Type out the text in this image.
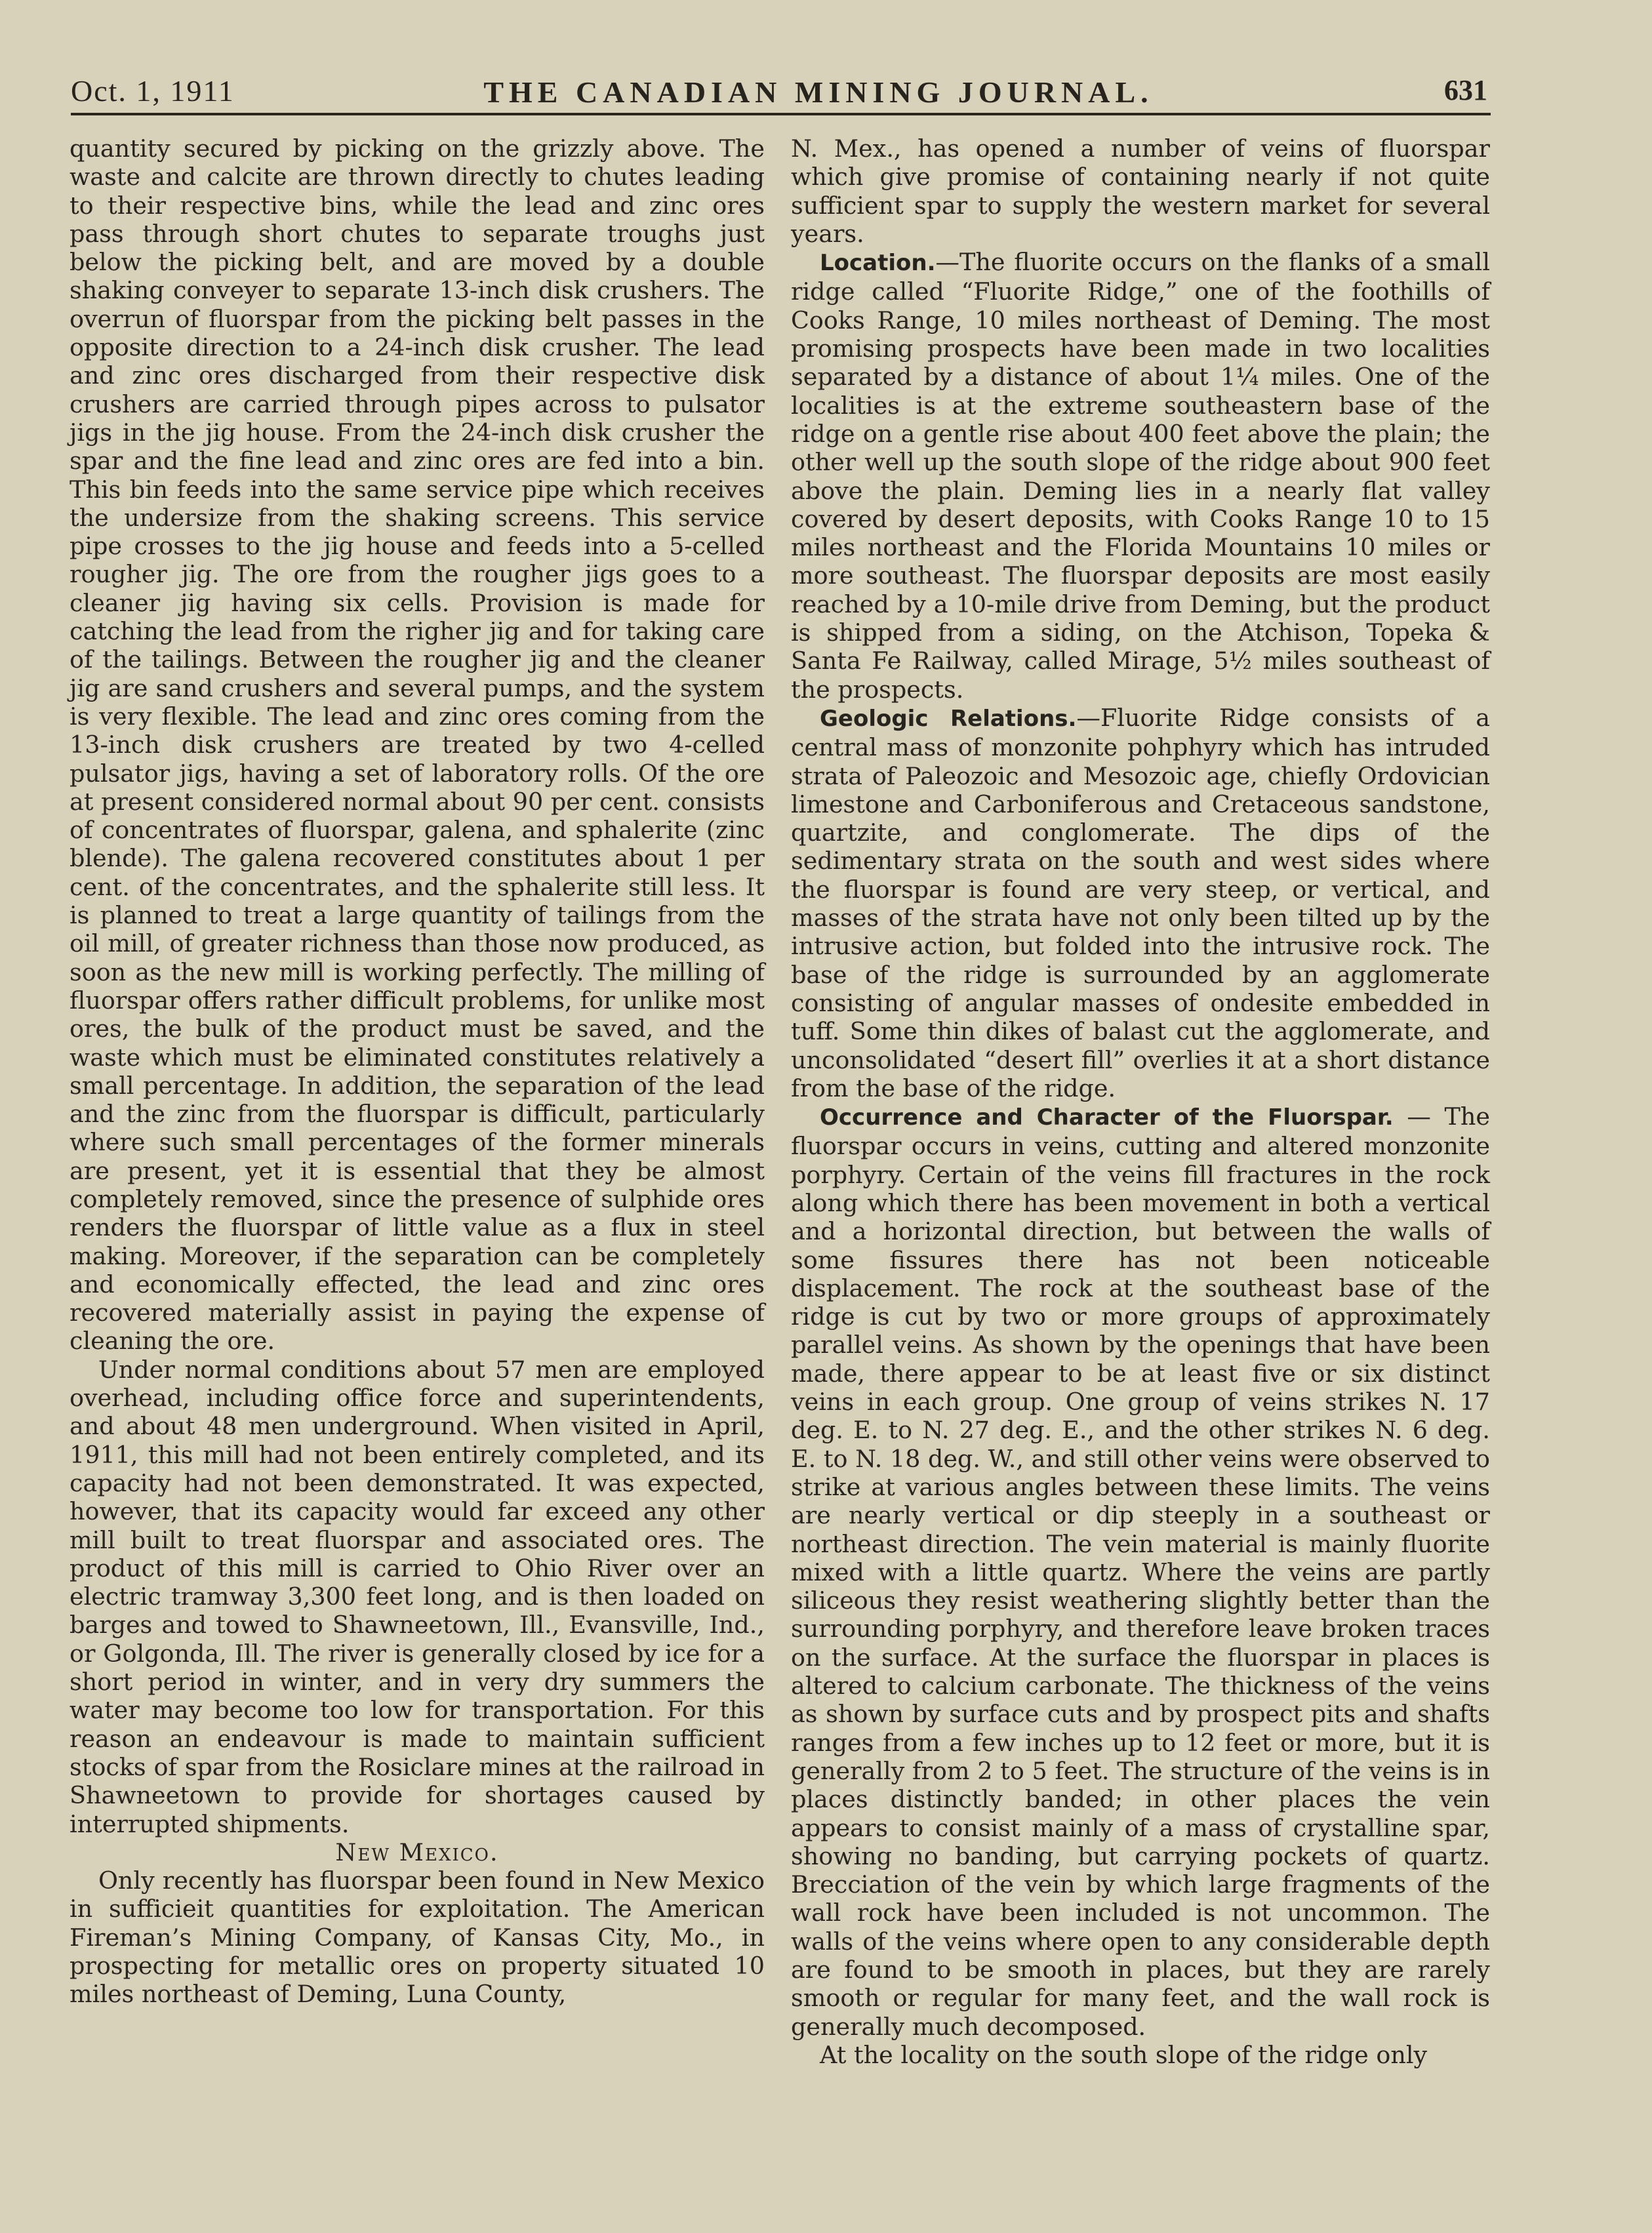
Oct. 1, 1911	THE CANADIAN MINING JOURNAL.	631

quantity secured by picking on the grizzly above. The waste and calcite are thrown directly to chutes leading to their respective bins, while the lead and zinc ores pass through short chutes to separate troughs just below the picking belt, and are moved by a double shaking conveyer to separate 13-inch disk crushers. The overrun of fluorspar from the picking belt passes in the opposite direction to a 24-inch disk crusher. The lead and zinc ores discharged from their respective disk crushers are carried through pipes across to pulsator jigs in the jig house. From the 24-inch disk crusher the spar and the fine lead and zinc ores are fed into a bin. This bin feeds into the same service pipe which receives the undersize from the shaking screens. This service pipe crosses to the jig house and feeds into a 5-celled rougher jig. The ore from the rougher jigs goes to a cleaner jig having six cells. Provision is made for catching the lead from the righer jig and for taking care of the tailings. Between the rougher jig and the cleaner jig are sand crushers and several pumps, and the system is very flexible. The lead and zinc ores coming from the 13-inch disk crushers are treated by two 4-celled pulsator jigs, having a set of laboratory rolls. Of the ore at present considered normal about 90 per cent. consists of concentrates of fluorspar, galena, and sphalerite (zinc blende). The galena recovered constitutes about 1 per cent. of the concentrates, and the sphalerite still less. It is planned to treat a large quantity of tailings from the oil mill, of greater richness than those now produced, as soon as the new mill is working perfectly. The milling of fluorspar offers rather difficult problems, for unlike most ores, the bulk of the product must be saved, and the waste which must be eliminated constitutes relatively a small percentage. In addition, the separation of the lead and the zinc from the fluorspar is difficult, particularly where such small percentages of the former minerals are present, yet it is essential that they be almost completely removed, since the presence of sulphide ores renders the fluorspar of little value as a flux in steel making. Moreover, if the separation can be completely and economically effected, the lead and zinc ores recovered materially assist in paying the expense of cleaning the ore.

Under normal conditions about 57 men are employed overhead, including office force and superintendents, and about 48 men underground. When visited in April, 1911, this mill had not been entirely completed, and its capacity had not been demonstrated. It was expected, however, that its capacity would far exceed any other mill built to treat fluorspar and associated ores. The product of this mill is carried to Ohio River over an electric tramway 3,300 feet long, and is then loaded on barges and towed to Shawneetown, Ill., Evansville, Ind., or Golgonda, Ill. The river is generally closed by ice for a short period in winter, and in very dry summers the water may become too low for transportation. For this reason an endeavour is made to maintain sufficient stocks of spar from the Rosiclare mines at the railroad in Shawneetown to provide for shortages caused by interrupted shipments.

New Mexico.

Only recently has fluorspar been found in New Mexico in sufficieit quantities for exploitation. The American Fireman’s Mining Company, of Kansas City, Mo., in prospecting for metallic ores on property situated 10 miles northeast of Deming, Luna County,

N. Mex., has opened a number of veins of fluorspar which give promise of containing nearly if not quite sufficient spar to supply the western market for several years.

Location.—The fluorite occurs on the flanks of a small ridge called “Fluorite Ridge,” one of the foothills of Cooks Range, 10 miles northeast of Deming. The most promising prospects have been made in two localities separated by a distance of about 1¼ miles. One of the localities is at the extreme southeastern base of the ridge on a gentle rise about 400 feet above the plain; the other well up the south slope of the ridge about 900 feet above the plain. Deming lies in a nearly flat valley covered by desert deposits, with Cooks Range 10 to 15 miles northeast and the Florida Mountains 10 miles or more southeast. The fluorspar deposits are most easily reached by a 10-mile drive from Deming, but the product is shipped from a siding, on the Atchison, Topeka & Santa Fe Railway, called Mirage, 5½ miles southeast of the prospects.

Geologic Relations.—Fluorite Ridge consists of a central mass of monzonite pohphyry which has intruded strata of Paleozoic and Mesozoic age, chiefly Ordovician limestone and Carboniferous and Cretaceous sandstone, quartzite, and conglomerate. The dips of the sedimentary strata on the south and west sides where the fluorspar is found are very steep, or vertical, and masses of the strata have not only been tilted up by the intrusive action, but folded into the intrusive rock. The base of the ridge is surrounded by an agglomerate consisting of angular masses of ondesite embedded in tuff. Some thin dikes of balast cut the agglomerate, and unconsolidated “desert fill” overlies it at a short distance from the base of the ridge.

Occurrence and Character of the Fluorspar. — The fluorspar occurs in veins, cutting and altered monzonite porphyry. Certain of the veins fill fractures in the rock along which there has been movement in both a vertical and a horizontal direction, but between the walls of some fissures there has not been noticeable displacement. The rock at the southeast base of the ridge is cut by two or more groups of approximately parallel veins. As shown by the openings that have been made, there appear to be at least five or six distinct veins in each group. One group of veins strikes N. 17 deg. E. to N. 27 deg. E., and the other strikes N. 6 deg. E. to N. 18 deg. W., and still other veins were observed to strike at various angles between these limits. The veins are nearly vertical or dip steeply in a southeast or northeast direction. The vein material is mainly fluorite mixed with a little quartz. Where the veins are partly siliceous they resist weathering slightly better than the surrounding porphyry, and therefore leave broken traces on the surface. At the surface the fluorspar in places is altered to calcium carbonate. The thickness of the veins as shown by surface cuts and by prospect pits and shafts ranges from a few inches up to 12 feet or more, but it is generally from 2 to 5 feet. The structure of the veins is in places distinctly banded; in other places the vein appears to consist mainly of a mass of crystalline spar, showing no banding, but carrying pockets of quartz. Brecciation of the vein by which large fragments of the wall rock have been included is not uncommon. The walls of the veins where open to any considerable depth are found to be smooth in places, but they are rarely smooth or regular for many feet, and the wall rock is generally much decomposed.

At the locality on the south slope of the ridge only
